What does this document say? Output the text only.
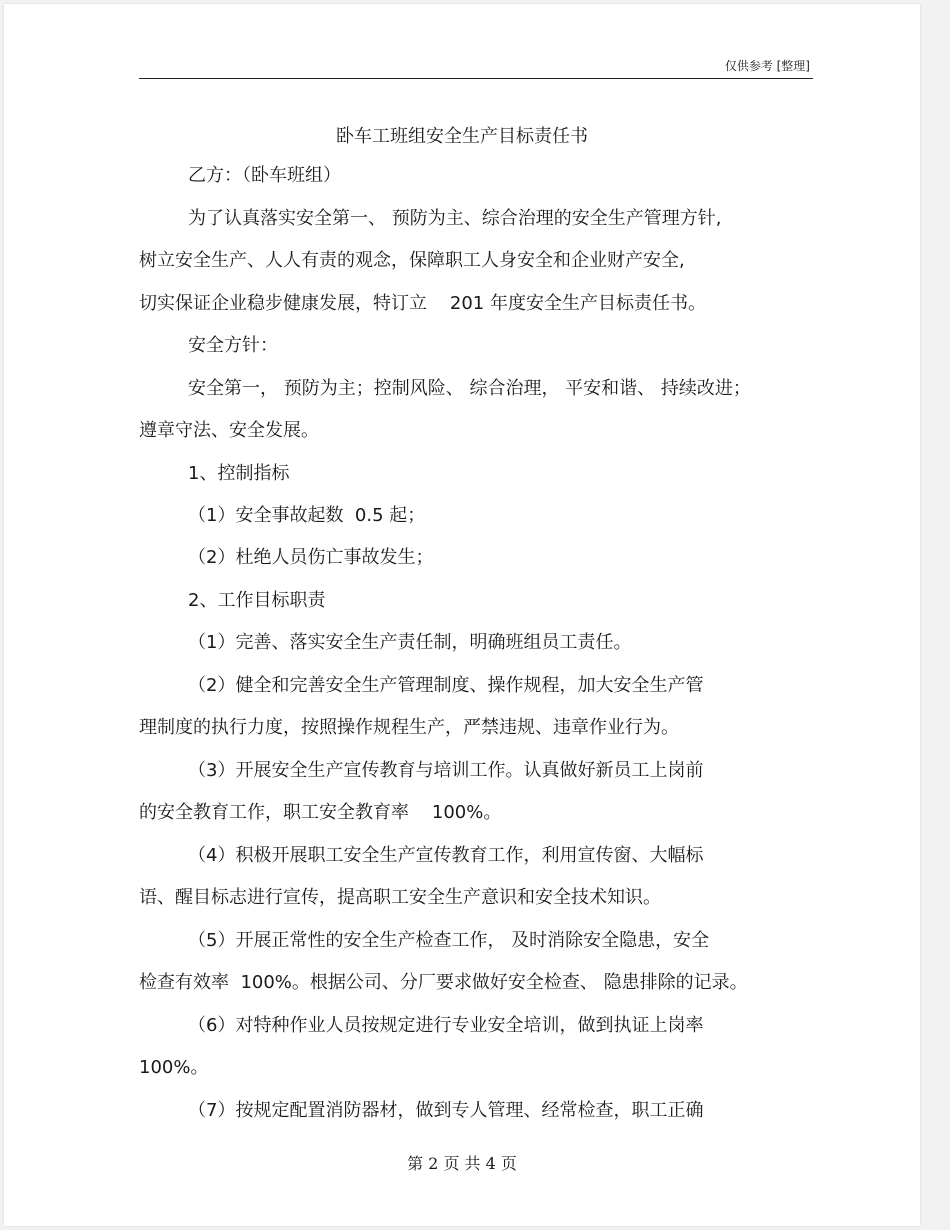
仅供参考 [整理]
卧车工班组安全生产目标责任书
乙方：（卧车班组）
为了认真落实安全第一、 预防为主、综合治理的安全生产管理方针,
树立安全生产、人人有责的观念，保障职工人身安全和企业财产安全,
切实保证企业稳步健康发展，特订立    201 年度安全生产目标责任书。
安全方针：
安全第一， 预防为主；控制风险、 综合治理， 平安和谐、 持续改进；
遵章守法、安全发展。
1、控制指标
（1）安全事故起数  0.5 起；
（2）杜绝人员伤亡事故发生；
2、工作目标职责
（1）完善、落实安全生产责任制，明确班组员工责任。
（2）健全和完善安全生产管理制度、操作规程，加大安全生产管
理制度的执行力度，按照操作规程生产，严禁违规、违章作业行为。
（3）开展安全生产宣传教育与培训工作。认真做好新员工上岗前
的安全教育工作，职工安全教育率    100%。
（4）积极开展职工安全生产宣传教育工作，利用宣传窗、大幅标
语、醒目标志进行宣传，提高职工安全生产意识和安全技术知识。
（5）开展正常性的安全生产检查工作， 及时消除安全隐患，安全
检查有效率  100%。根据公司、分厂要求做好安全检查、 隐患排除的记录。
（6）对特种作业人员按规定进行专业安全培训，做到执证上岗率
100%。
（7）按规定配置消防器材，做到专人管理、经常检查，职工正确
第 2 页 共 4 页
